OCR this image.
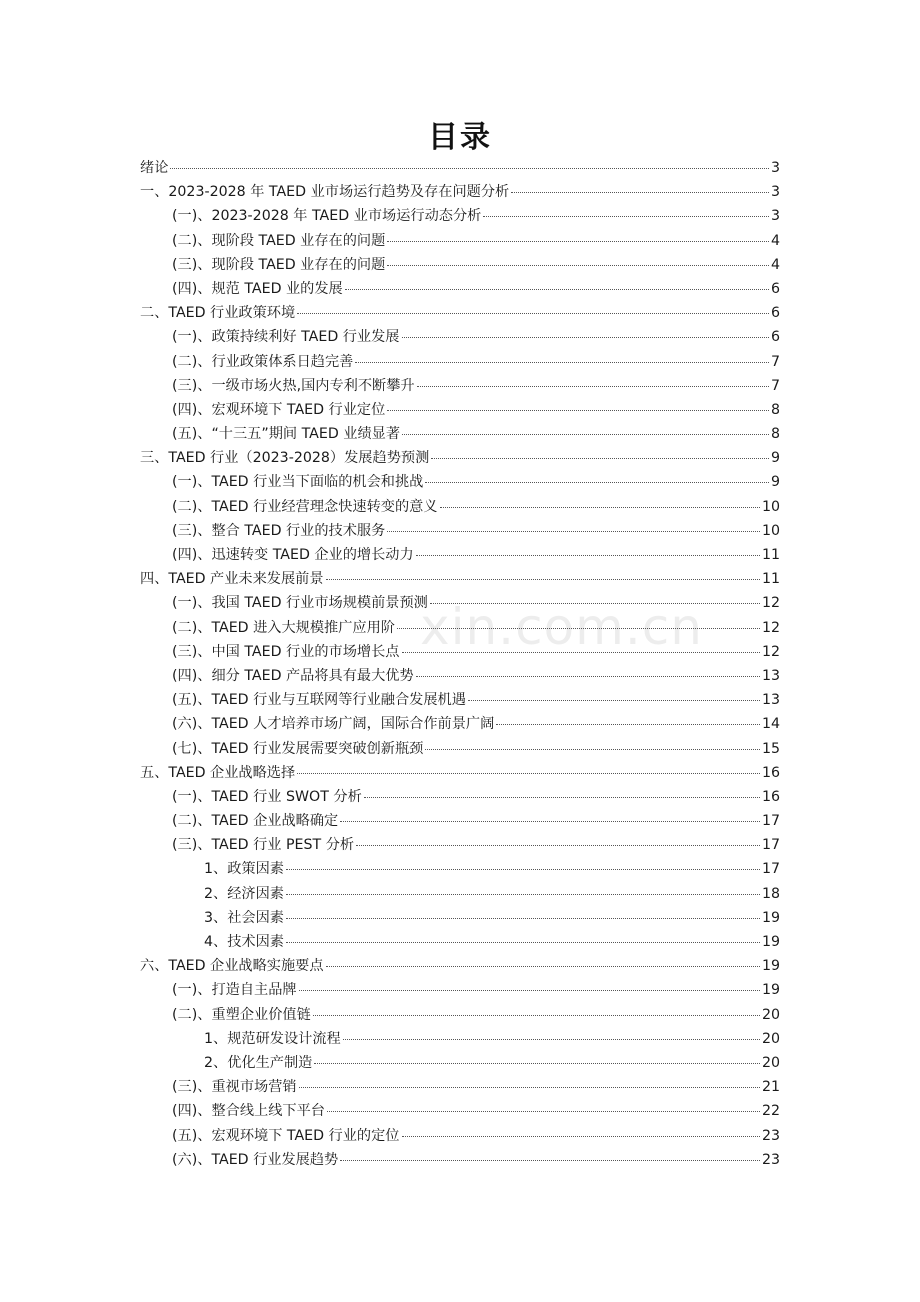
目录
xin.com.cn
绪论	3
一、2023-2028 年 TAED 业市场运行趋势及存在问题分析	3
(一)、2023-2028 年 TAED 业市场运行动态分析	3
(二)、现阶段 TAED 业存在的问题	4
(三)、现阶段 TAED 业存在的问题	4
(四)、规范 TAED 业的发展	6
二、TAED 行业政策环境	6
(一)、政策持续利好 TAED 行业发展	6
(二)、行业政策体系日趋完善	7
(三)、一级市场火热,国内专利不断攀升	7
(四)、宏观环境下 TAED 行业定位	8
(五)、“十三五”期间 TAED 业绩显著	8
三、TAED 行业（2023-2028）发展趋势预测	9
(一)、TAED 行业当下面临的机会和挑战	9
(二)、TAED 行业经营理念快速转变的意义	10
(三)、整合 TAED 行业的技术服务	10
(四)、迅速转变 TAED 企业的增长动力	11
四、TAED 产业未来发展前景	11
(一)、我国 TAED 行业市场规模前景预测	12
(二)、TAED 进入大规模推广应用阶	12
(三)、中国 TAED 行业的市场增长点	12
(四)、细分 TAED 产品将具有最大优势	13
(五)、TAED 行业与互联网等行业融合发展机遇	13
(六)、TAED 人才培养市场广阔，国际合作前景广阔	14
(七)、TAED 行业发展需要突破创新瓶颈	15
五、TAED 企业战略选择	16
(一)、TAED 行业 SWOT 分析	16
(二)、TAED 企业战略确定	17
(三)、TAED 行业 PEST 分析	17
1、政策因素	17
2、经济因素	18
3、社会因素	19
4、技术因素	19
六、TAED 企业战略实施要点	19
(一)、打造自主品牌	19
(二)、重塑企业价值链	20
1、规范研发设计流程	20
2、优化生产制造	20
(三)、重视市场营销	21
(四)、整合线上线下平台	22
(五)、宏观环境下 TAED 行业的定位	23
(六)、TAED 行业发展趋势	23
